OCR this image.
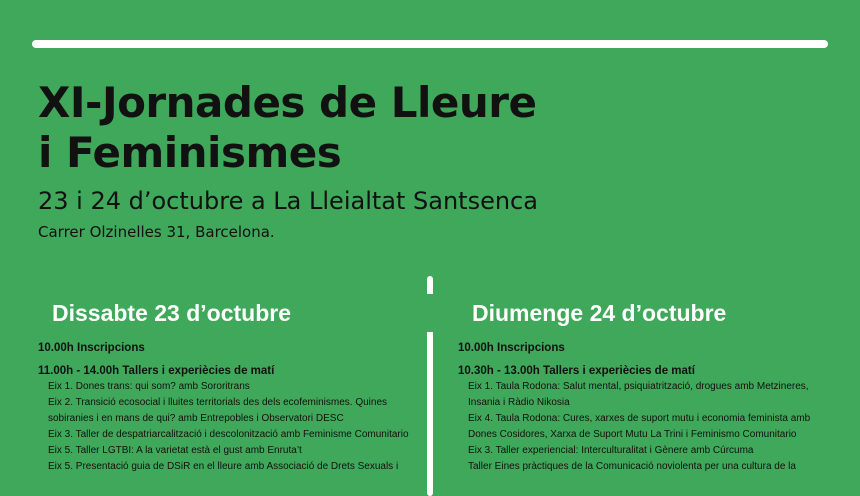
XI-Jornades de Lleure
i Feminismes

23 i 24 d’octubre a La Lleialtat Santsenca

Carrer Olzinelles 31, Barcelona.

Dissabte 23 d’octubre

10.00h Inscripcions

11.00h - 14.00h Tallers i experiècies de matí

Eix 1. Dones trans: qui som? amb Sororitrans

Eix 2. Transició ecosocial i lluites territorials des dels ecofeminismes. Quines

sobiranies i en mans de qui? amb Entrepobles i Observatori DESC

Eix 3. Taller de despatriarcalització i descolonització amb Feminisme Comunitario

Eix 5. Taller LGTBI: A la varietat està el gust amb Enruta’t

Eix 5. Presentació guia de DSiR en el lleure amb Associació de Drets Sexuals i

Diumenge 24 d’octubre

10.00h Inscripcions

10.30h - 13.00h Tallers i experiècies de matí

Eix 1. Taula Rodona: Salut mental, psiquiatrització, drogues amb Metzineres,

Insania i Ràdio Nikosia

Eix 4. Taula Rodona: Cures, xarxes de suport mutu i economia feminista amb

Dones Cosidores, Xarxa de Suport Mutu La Trini i Feminismo Comunitario

Eix 3. Taller experiencial: Interculturalitat i Gènere amb Cúrcuma

Taller Eines pràctiques de la Comunicació noviolenta per una cultura de la
